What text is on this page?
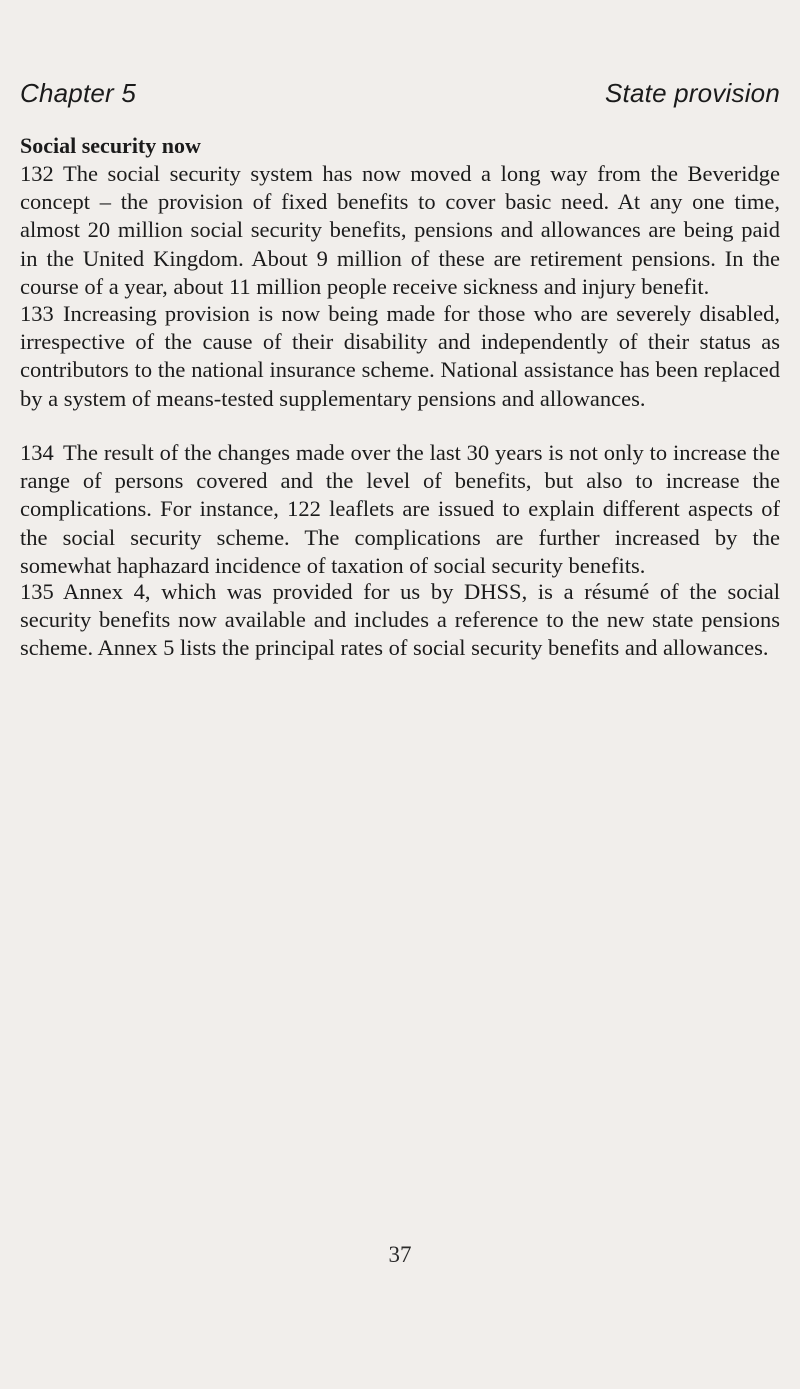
Chapter 5	State provision
Social security now

132 The social security system has now moved a long way from the Beveridge concept – the provision of fixed benefits to cover basic need. At any one time, almost 20 million social security benefits, pensions and allowances are being paid in the United Kingdom. About 9 million of these are retirement pensions. In the course of a year, about 11 million people receive sickness and injury benefit.

133 Increasing provision is now being made for those who are severely disabled, irrespective of the cause of their disability and independently of their status as contributors to the national insurance scheme. National assistance has been replaced by a system of means-tested supplementary pensions and allowances.

134 The result of the changes made over the last 30 years is not only to increase the range of persons covered and the level of benefits, but also to increase the complications. For instance, 122 leaflets are issued to explain different aspects of the social security scheme. The complications are further increased by the somewhat haphazard incidence of taxation of social security benefits.

135 Annex 4, which was provided for us by DHSS, is a résumé of the social security benefits now available and includes a reference to the new state pensions scheme. Annex 5 lists the principal rates of social security benefits and allowances.

37
